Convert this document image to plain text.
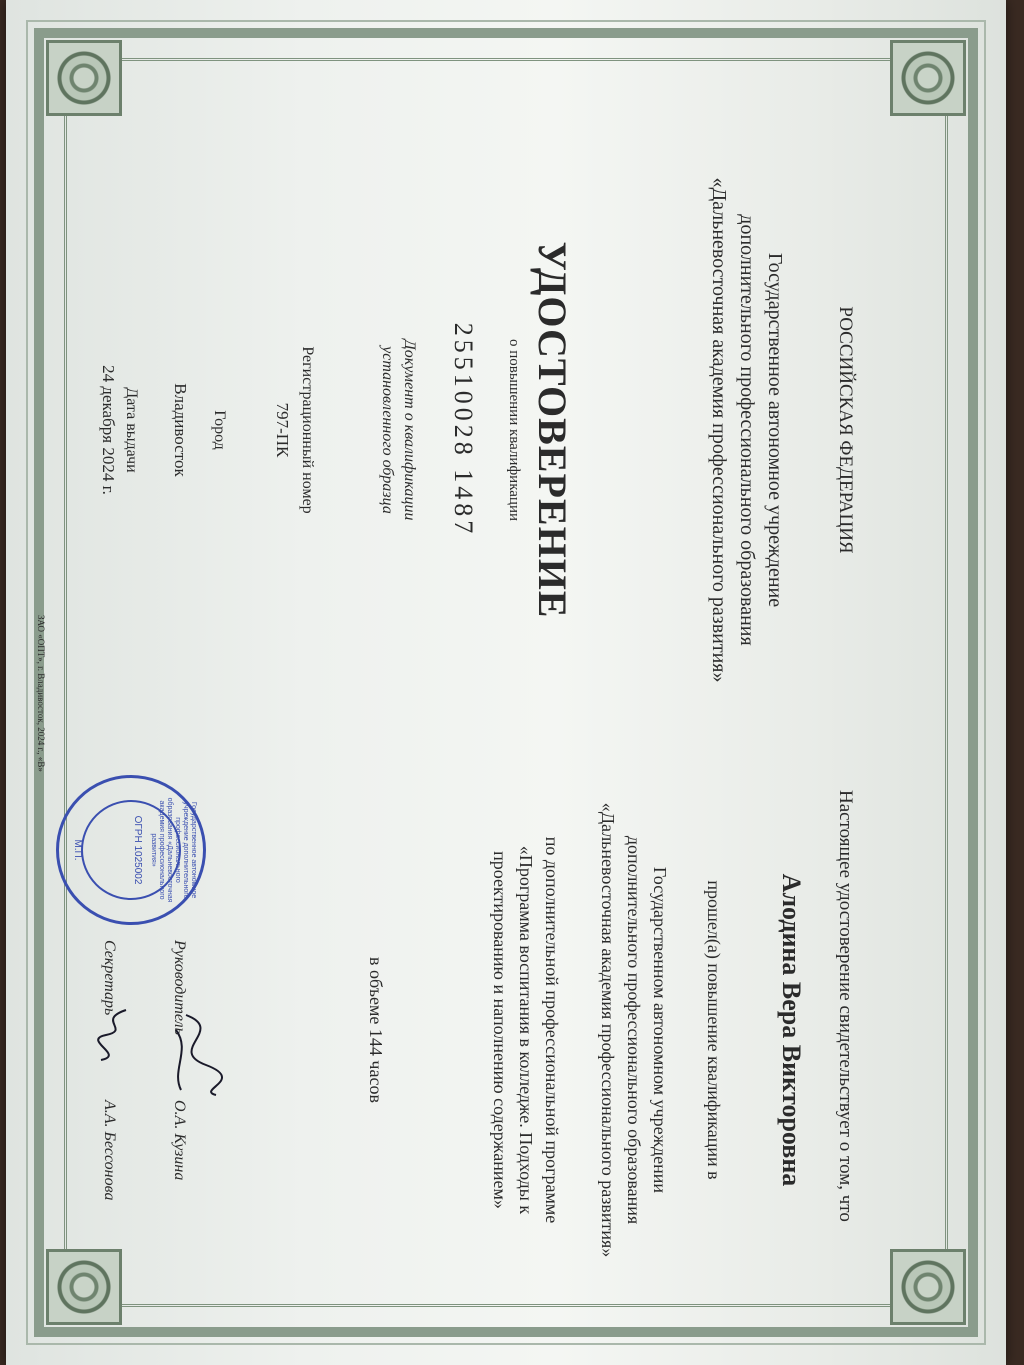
РОССИЙСКАЯ ФЕДЕРАЦИЯ
Государственное автономное учреждение
дополнительного профессионального образования
«Дальневосточная академия профессионального развития»
УДОСТОВЕРЕНИЕ
о повышении квалификации
25510028 1487
Документ о квалификации
установленного образца
Регистрационный номер
797-ПК
Город
Владивосток
Дата выдачи
24 декабря 2024 г.
ЗАО «ОПТ», г. Владивосток, 2024 г., «В»
Настоящее удостоверение свидетельствует о том, что
Алодина Вера Викторовна
прошел(а) повышение квалификации в
Государственном автономном учреждении
дополнительного профессионального образования
«Дальневосточная академия профессионального развития»
по дополнительной профессиональной программе
«Программа воспитания в колледже. Подходы к
проектированию и наполнению содержанием»
в объеме 144 часов
Руководитель
О.А. Кузина
Секретарь
А.А. Бессонова
Государственное автономное учреждение дополнительного профессионального образования «Дальневосточная академия профессионального развития»
ОГРН 1025002
М.П.
